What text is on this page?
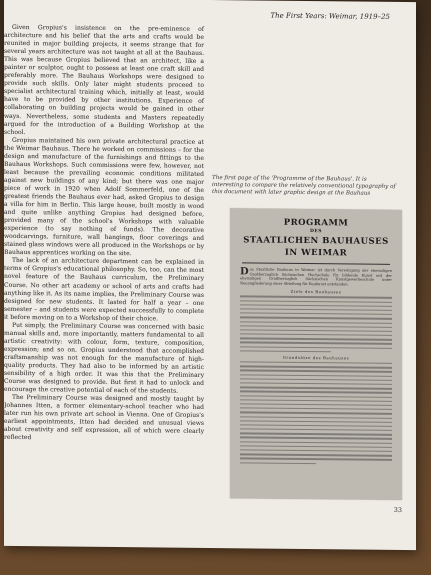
The First Years: Weimar, 1919–25

Given Gropius's insistence on the pre-eminence of architecture and his belief that the arts and crafts would be reunited in major building projects, it seems strange that for several years architecture was not taught at all at the Bauhaus. This was because Gropius believed that an architect, like a painter or sculptor, ought to possess at least one craft skill and preferably more. The Bauhaus Workshops were designed to provide such skills. Only later might students proceed to specialist architectural training which, initially at least, would have to be provided by other institutions. Experience of collaborating on building projects would be gained in other ways. Nevertheless, some students and Masters repeatedly argued for the introduction of a Building Workshop at the school.

Gropius maintained his own private architectural practice at the Weimar Bauhaus. There he worked on commissions – for the design and manufacture of the furnishings and fittings to the Bauhaus Workshops. Such commissions were few, however, not least because the prevailing economic conditions militated against new buildings of any kind; but there was one major piece of work in 1920 when Adolf Sommerfeld, one of the greatest friends the Bauhaus ever had, asked Gropius to design a villa for him in Berlin. This large house, built mostly in wood and quite unlike anything Gropius had designed before, provided many of the school's Workshops with valuable experience (to say nothing of funds). The decorative woodcarvings, furniture, wall hangings, floor coverings and stained glass windows were all produced in the Workshops or by Bauhaus apprentices working on the site.

The lack of an architecture department can be explained in terms of Gropius's educational philosophy. So, too, can the most novel feature of the Bauhaus curriculum, the Preliminary Course. No other art academy or school of arts and crafts had anything like it. As its name implies, the Preliminary Course was designed for new students. It lasted for half a year – one semester – and students were expected successfully to complete it before moving on to a Workshop of their choice.

Put simply, the Preliminary Course was concerned with basic manual skills and, more importantly, matters fundamental to all artistic creativity: with colour, form, texture, composition, expression; and so on. Gropius understood that accomplished craftsmanship was not enough for the manufacture of high-quality products. They had also to be informed by an artistic sensibility of a high order. It was this that the Preliminary Course was designed to provide. But first it had to unlock and encourage the creative potential of each of the students.

The Preliminary Course was designed and mostly taught by Johannes Itten, a former elementary-school teacher who had later run his own private art school in Vienna. One of Gropius's earliest appointments, Itten had decided and unusual views about creativity and self expression, all of which were clearly reflected

The first page of the 'Programme of the Bauhaus'. It is interesting to compare the relatively conventional typography of this document with later graphic design at the Bauhaus
PROGRAMM
DES
STAATLICHEN BAUHAUSES
IN WEIMAR
Das Staatliche Bauhaus in Weimar ist durch Vereinigung der ehemaligen Großherzoglich Sächsischen Hochschule für bildende Kunst mit der ehemaligen Großherzoglich Sächsischen Kunstgewerbeschule unter Neuangliederung einer Abteilung für Baukunst entstanden.
Ziele des Bauhauses
Grundsätze des Bauhauses
33
